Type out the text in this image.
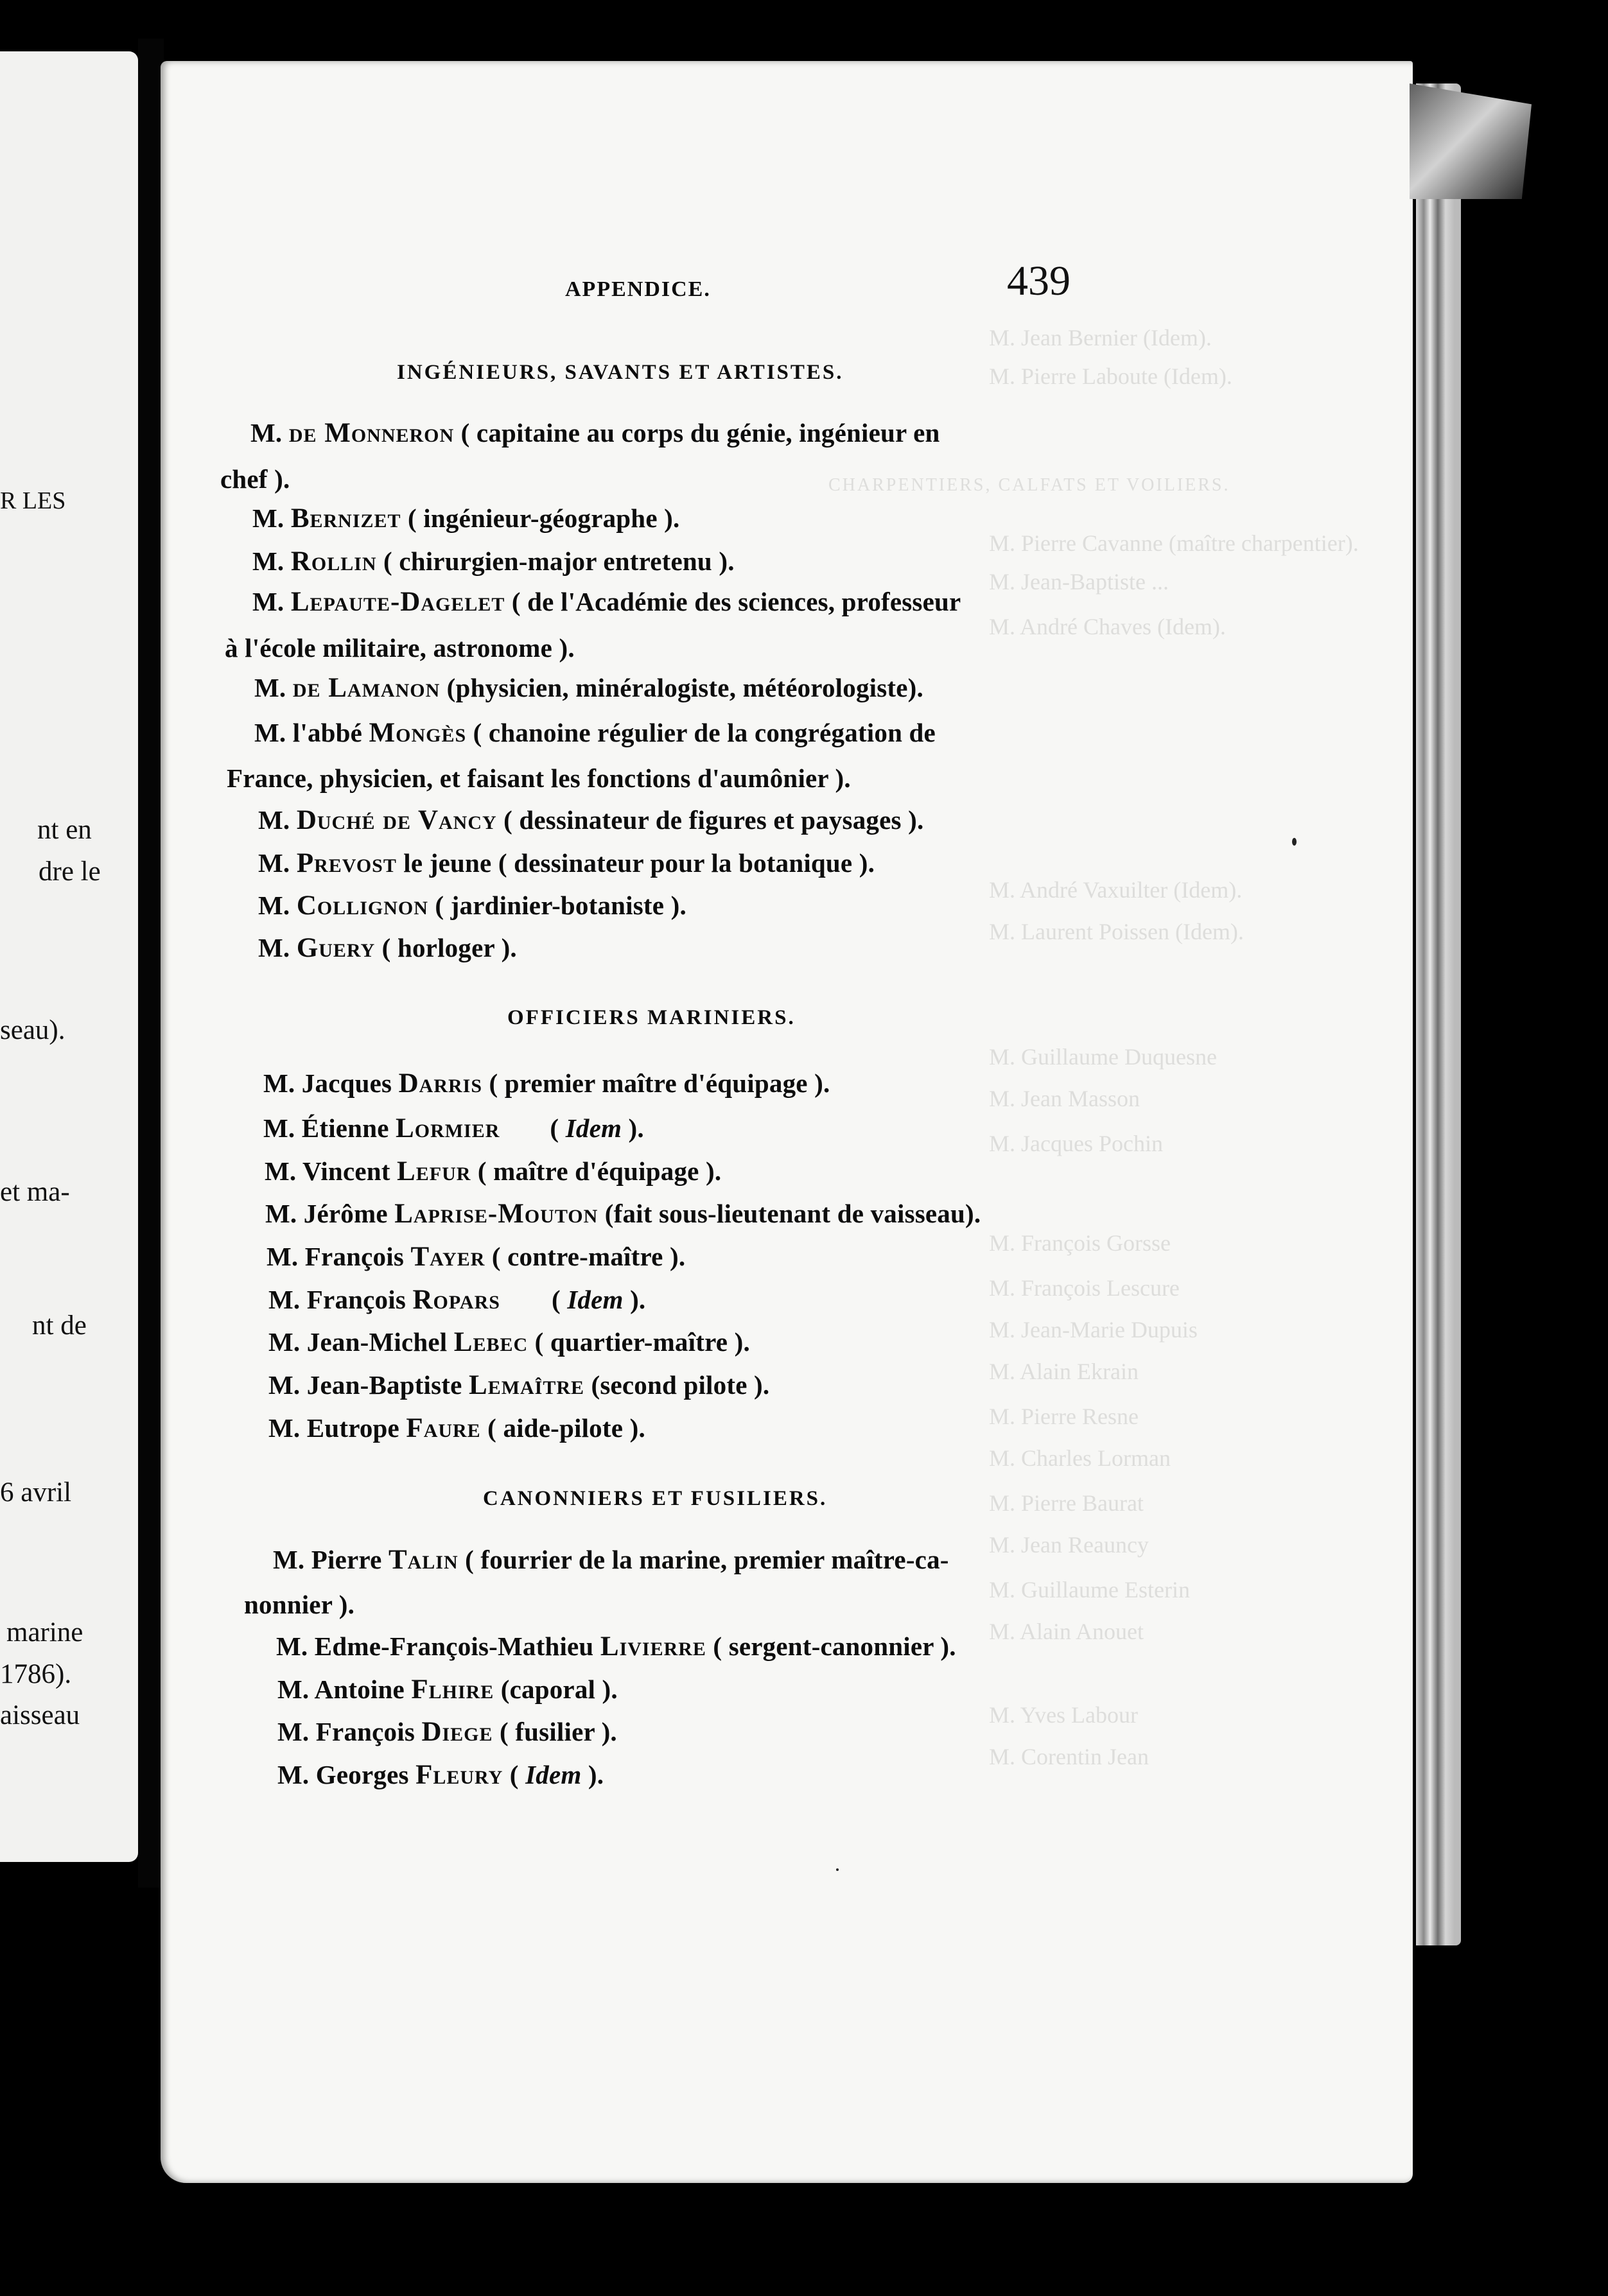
R LES
nt en
dre le
seau).
et ma-
nt de
6 avril
marine
1786).
aisseau
M. Jean Bernier (Idem).
M. Pierre Laboute (Idem).
CHARPENTIERS, CALFATS ET VOILIERS.
M. Pierre Cavanne (maître charpentier).
M. Jean-Baptiste ...
M. André Chaves (Idem).
M. André Vaxuilter (Idem).
M. Laurent Poissen (Idem).
M. Guillaume Duquesne
M. Jean Masson
M. Jacques Pochin
M. François Gorsse
M. François Lescure
M. Jean-Marie Dupuis
M. Alain Ekrain
M. Pierre Resne
M. Charles Lorman
M. Pierre Baurat
M. Jean Reauncy
M. Guillaume Esterin
M. Alain Anouet
M. Yves Labour
M. Corentin Jean
APPENDICE.	439
INGÉNIEURS, SAVANTS ET ARTISTES.
M. de Monneron ( capitaine au corps du génie, ingénieur en
chef ).
M. Bernizet ( ingénieur-géographe ).
M. Rollin ( chirurgien-major entretenu ).
M. Lepaute-Dagelet ( de l'Académie des sciences, professeur
à l'école militaire, astronome ).
M. de Lamanon (physicien, minéralogiste, météorologiste).
M. l'abbé Mongès ( chanoine régulier de la congrégation de
France, physicien, et faisant les fonctions d'aumônier ).
M. Duché de Vancy ( dessinateur de figures et paysages ).
M. Prevost le jeune ( dessinateur pour la botanique ).
M. Collignon ( jardinier-botaniste ).
M. Guery ( horloger ).
OFFICIERS MARINIERS.
M. Jacques Darris ( premier maître d'équipage ).
M. Étienne Lormier ( Idem ).
M. Vincent Lefur ( maître d'équipage ).
M. Jérôme Laprise-Mouton (fait sous-lieutenant de vaisseau).
M. François Tayer ( contre-maître ).
M. François Ropars ( Idem ).
M. Jean-Michel Lebec ( quartier-maître ).
M. Jean-Baptiste Lemaître (second pilote ).
M. Eutrope Faure ( aide-pilote ).
CANONNIERS ET FUSILIERS.
M. Pierre Talin ( fourrier de la marine, premier maître-ca-
nonnier ).
M. Edme-François-Mathieu Livierre ( sergent-canonnier ).
M. Antoine Flhire (caporal ).
M. François Diege ( fusilier ).
M. Georges Fleury ( Idem ).
